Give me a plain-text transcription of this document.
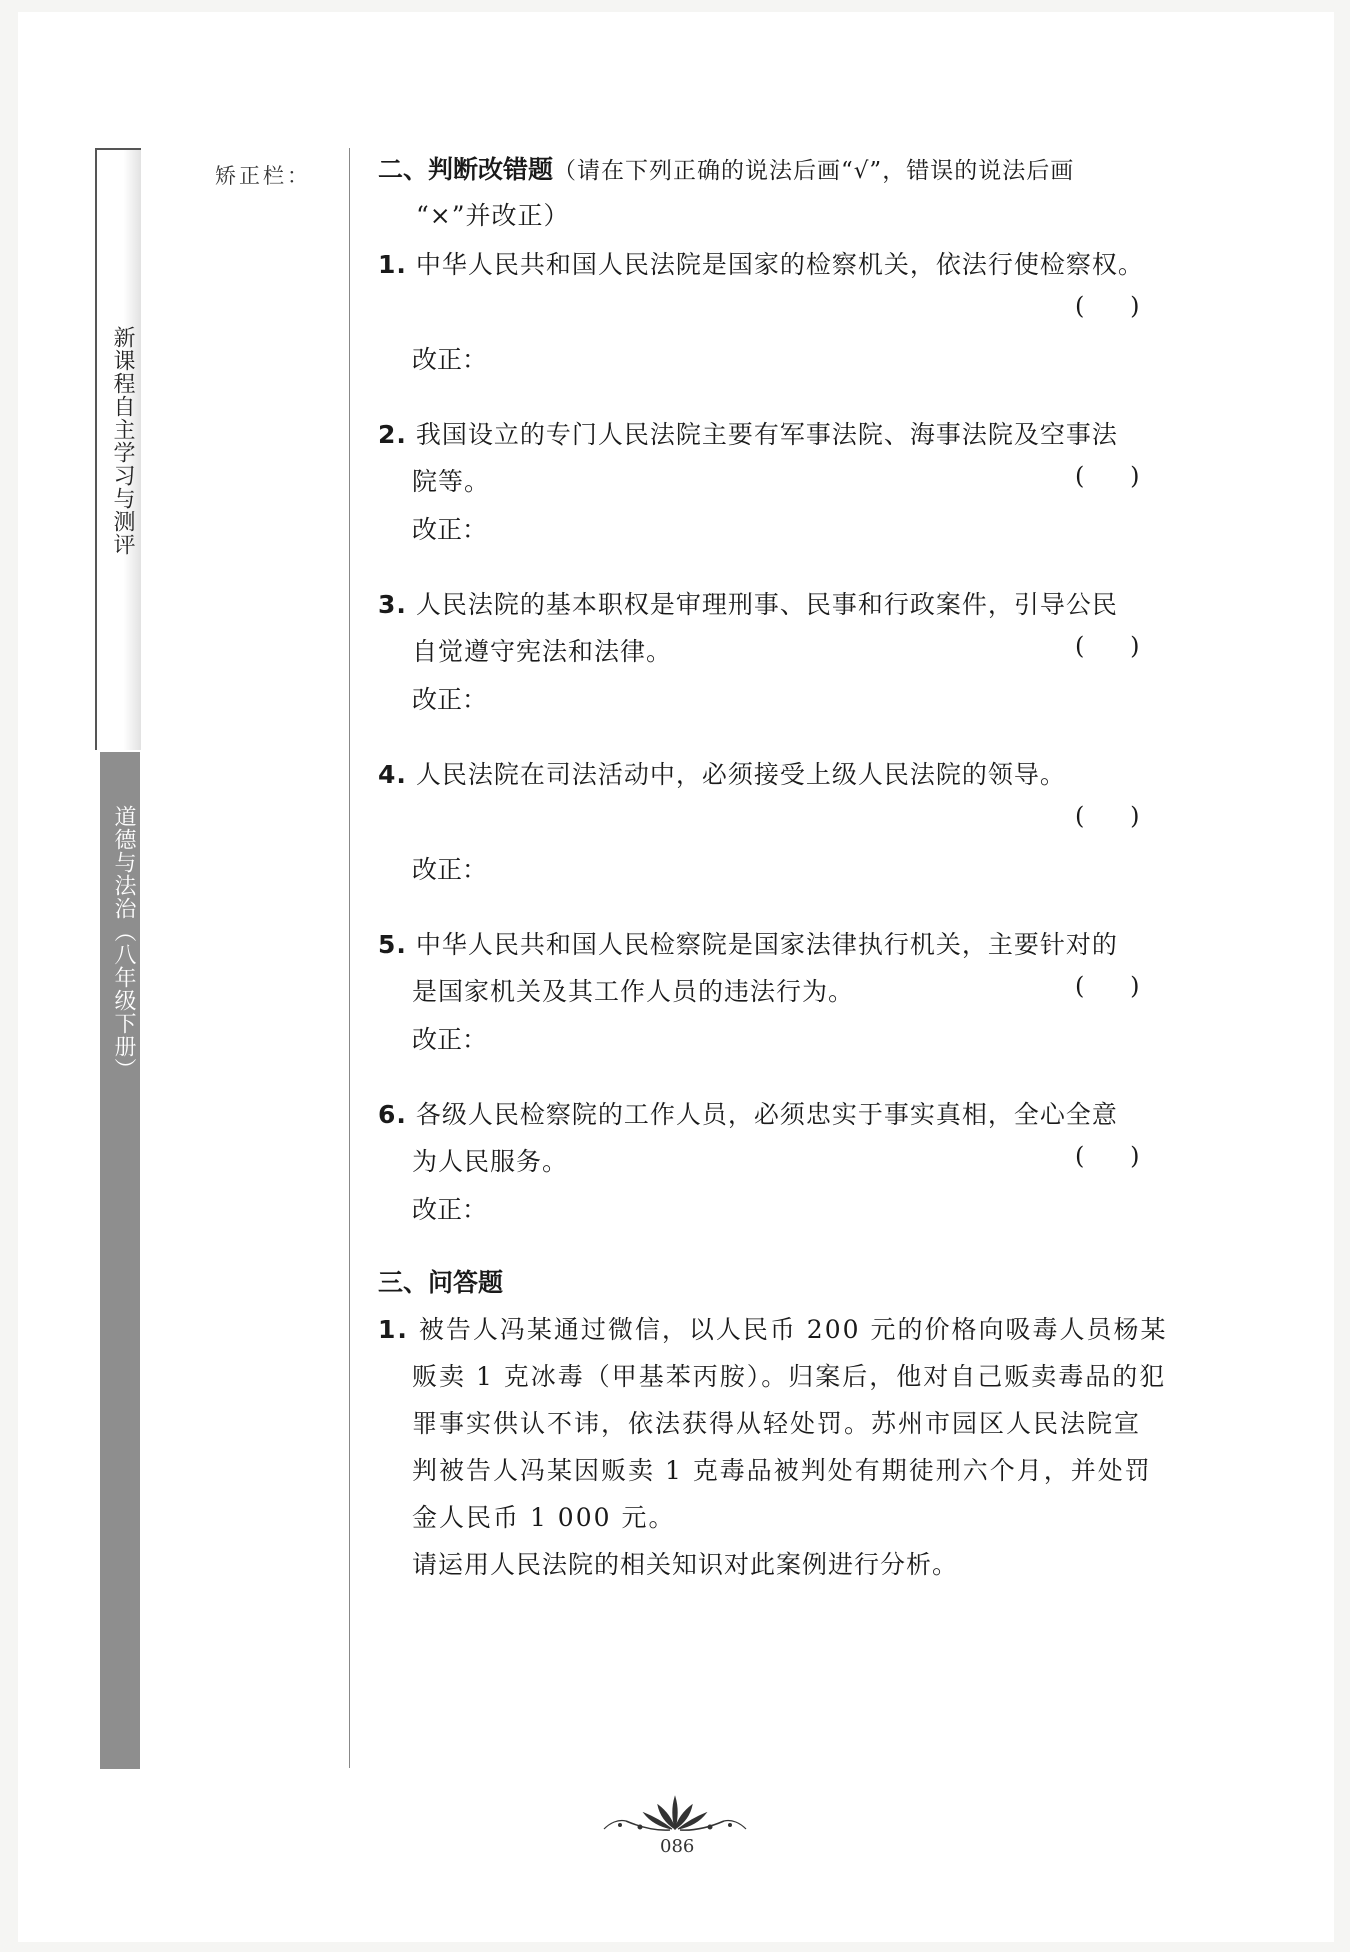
新课程自主学习与测评
道德与法治（八年级下册）
矫正栏：	二、判断改错题（请在下列正确的说法后画“√”，错误的说法后画
“×”并改正）
1. 中华人民共和国人民法院是国家的检察机关，依法行使检察权。
(      )
改正：
2. 我国设立的专门人民法院主要有军事法院、海事法院及空事法
院等。	(      )
改正：
3. 人民法院的基本职权是审理刑事、民事和行政案件，引导公民
自觉遵守宪法和法律。	(      )
改正：
4. 人民法院在司法活动中，必须接受上级人民法院的领导。
(      )
改正：
5. 中华人民共和国人民检察院是国家法律执行机关，主要针对的
是国家机关及其工作人员的违法行为。	(      )
改正：
6. 各级人民检察院的工作人员，必须忠实于事实真相，全心全意
为人民服务。	(      )
改正：
三、问答题
1. 被告人冯某通过微信，以人民币 200 元的价格向吸毒人员杨某
贩卖 1 克冰毒（甲基苯丙胺）。归案后，他对自己贩卖毒品的犯
罪事实供认不讳，依法获得从轻处罚。苏州市园区人民法院宣
判被告人冯某因贩卖 1 克毒品被判处有期徒刑六个月，并处罚
金人民币 1 000 元。
请运用人民法院的相关知识对此案例进行分析。
086
